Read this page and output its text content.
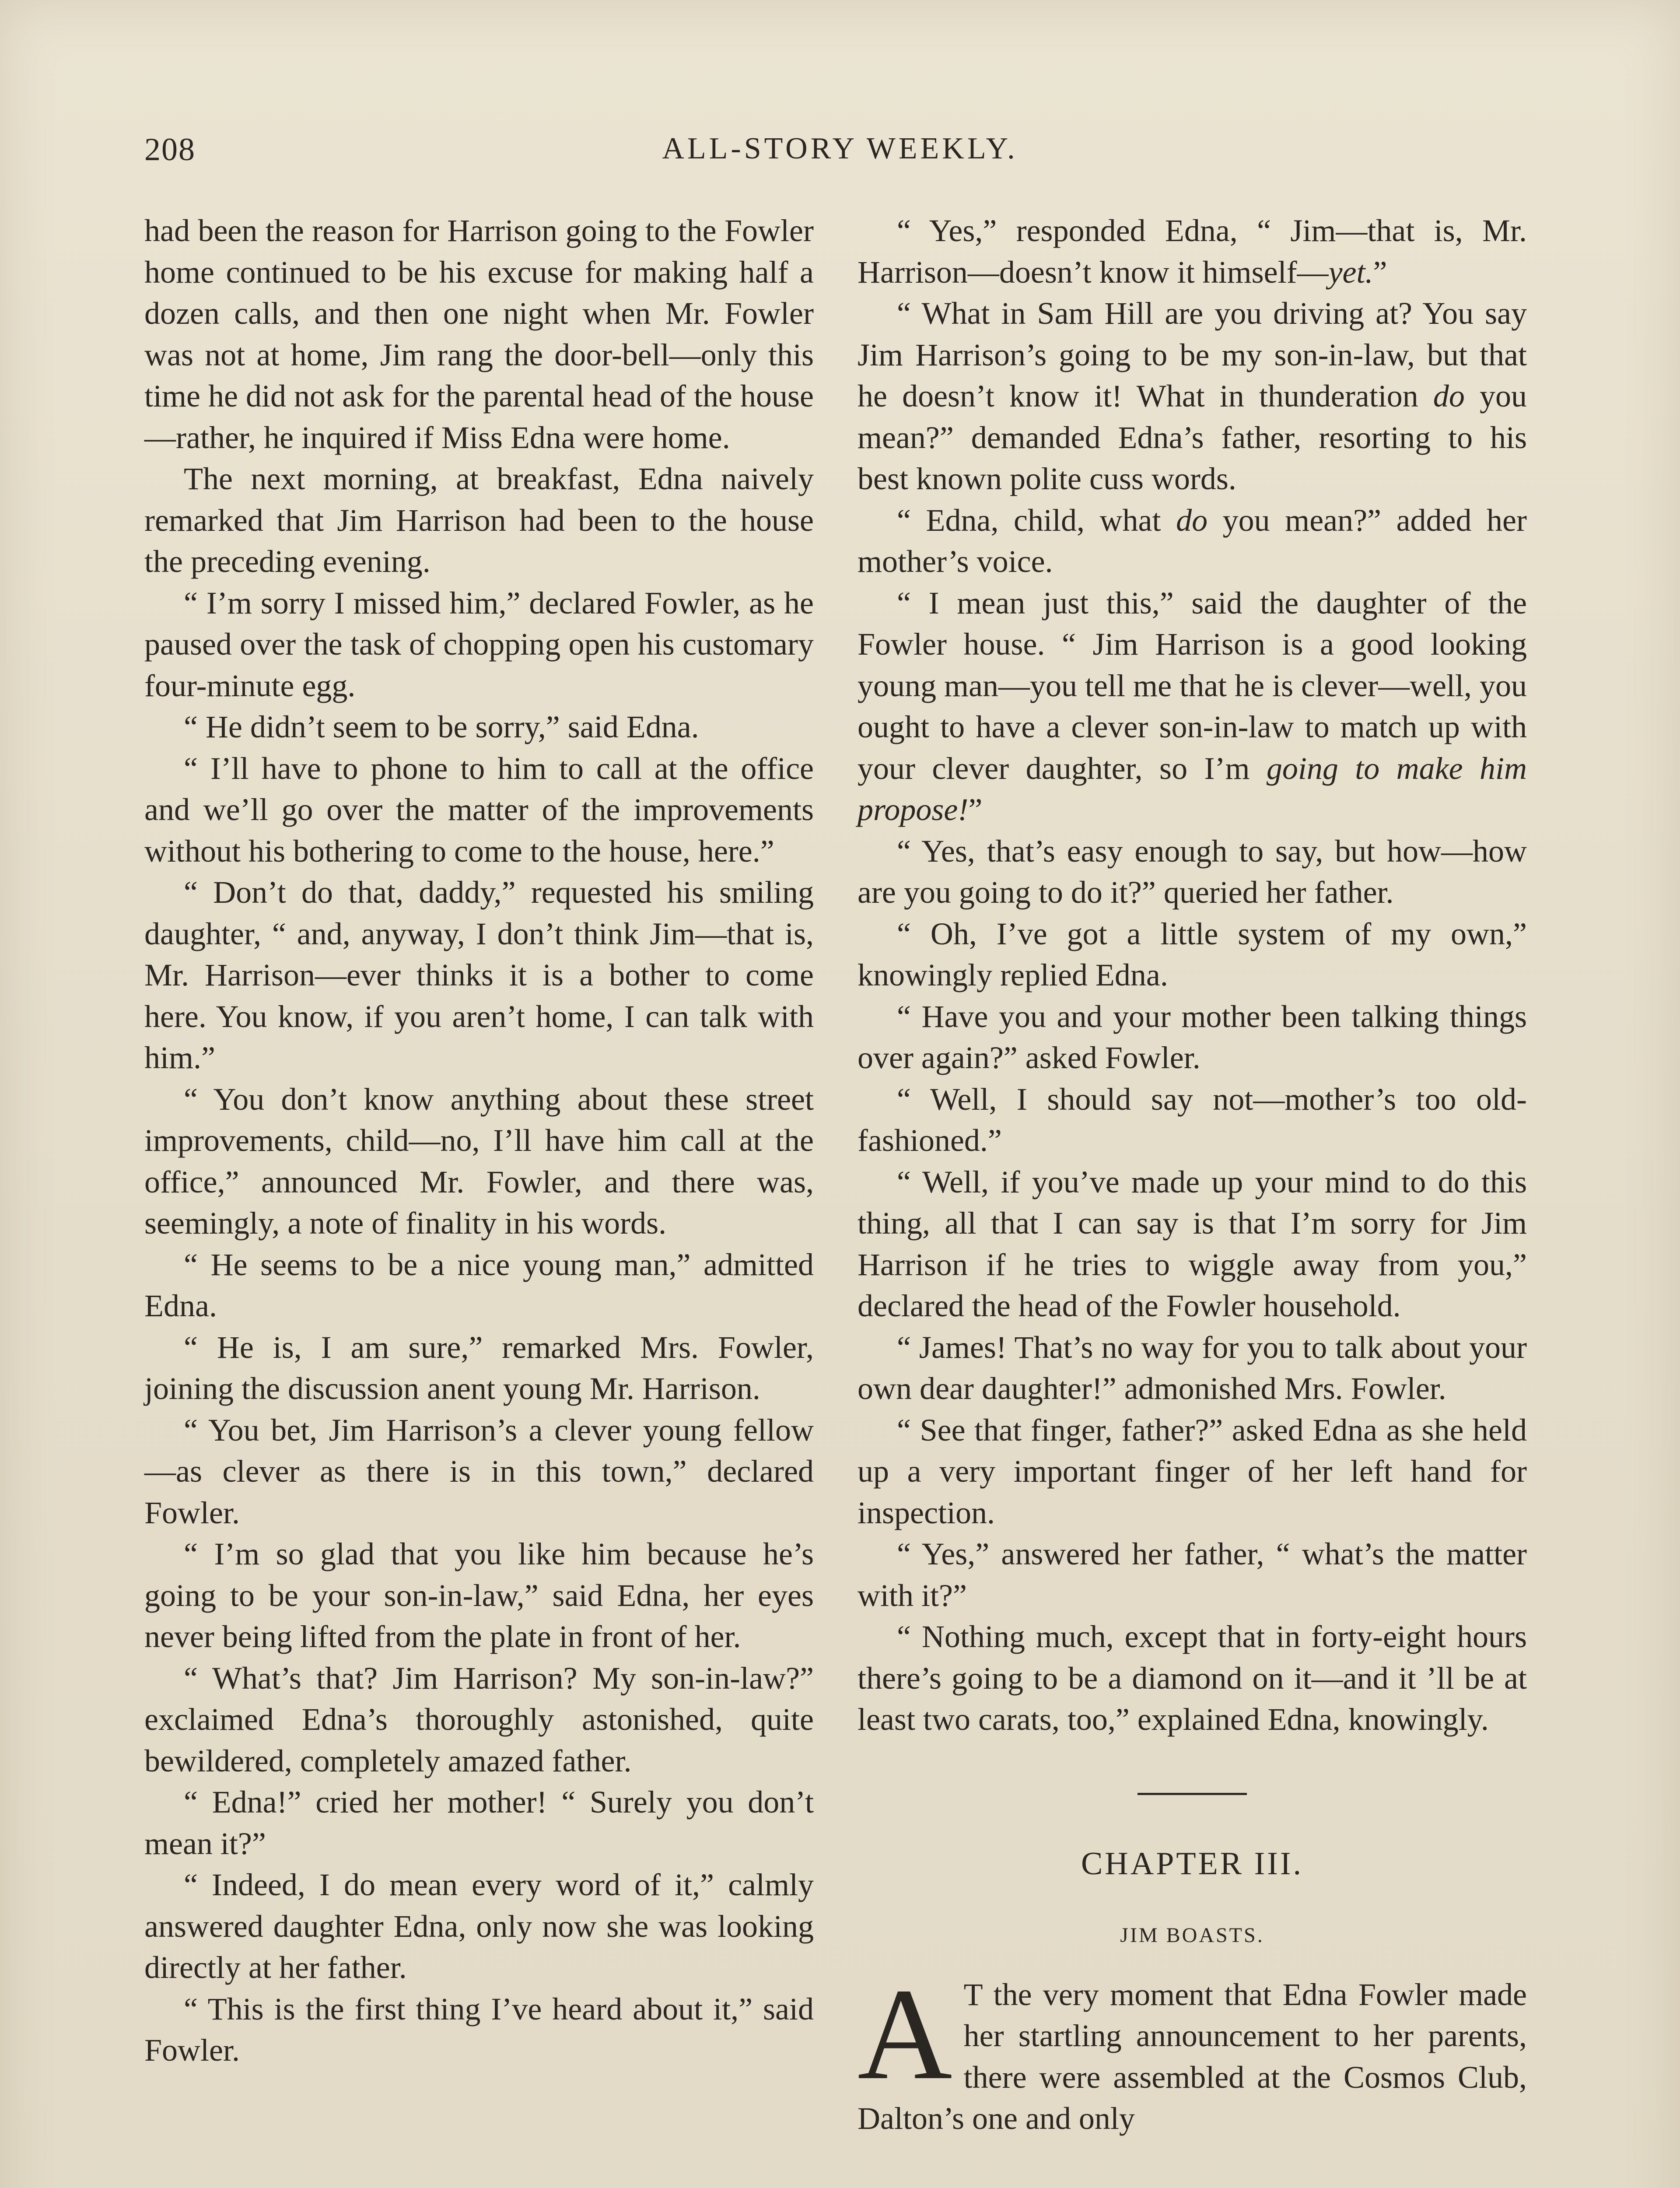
208	ALL-STORY WEEKLY.

had been the reason for Harrison going to the Fowler home continued to be his excuse for making half a dozen calls, and then one night when Mr. Fowler was not at home, Jim rang the door-bell—only this time he did not ask for the parental head of the house—rather, he inquired if Miss Edna were home.

The next morning, at breakfast, Edna naively remarked that Jim Harrison had been to the house the preceding evening.

“ I’m sorry I missed him,” declared Fowler, as he paused over the task of chopping open his customary four-minute egg.

“ He didn’t seem to be sorry,” said Edna.

“ I’ll have to phone to him to call at the office and we’ll go over the matter of the improvements without his bothering to come to the house, here.”

“ Don’t do that, daddy,” requested his smiling daughter, “ and, anyway, I don’t think Jim—that is, Mr. Harrison—ever thinks it is a bother to come here. You know, if you aren’t home, I can talk with him.”

“ You don’t know anything about these street improvements, child—no, I’ll have him call at the office,” announced Mr. Fowler, and there was, seemingly, a note of finality in his words.

“ He seems to be a nice young man,” admitted Edna.

“ He is, I am sure,” remarked Mrs. Fowler, joining the discussion anent young Mr. Harrison.

“ You bet, Jim Harrison’s a clever young fellow—as clever as there is in this town,” declared Fowler.

“ I’m so glad that you like him because he’s going to be your son-in-law,” said Edna, her eyes never being lifted from the plate in front of her.

“ What’s that? Jim Harrison? My son-in-law?” exclaimed Edna’s thoroughly astonished, quite bewildered, completely amazed father.

“ Edna!” cried her mother! “ Surely you don’t mean it?”

“ Indeed, I do mean every word of it,” calmly answered daughter Edna, only now she was looking directly at her father.

“ This is the first thing I’ve heard about it,” said Fowler.

“ Yes,” responded Edna, “ Jim—that is, Mr. Harrison—doesn’t know it himself—yet.”

“ What in Sam Hill are you driving at? You say Jim Harrison’s going to be my son-in-law, but that he doesn’t know it! What in thunderation do you mean?” demanded Edna’s father, resorting to his best known polite cuss words.

“ Edna, child, what do you mean?” added her mother’s voice.

“ I mean just this,” said the daughter of the Fowler house. “ Jim Harrison is a good looking young man—you tell me that he is clever—well, you ought to have a clever son-in-law to match up with your clever daughter, so I’m going to make him propose!”

“ Yes, that’s easy enough to say, but how—how are you going to do it?” queried her father.

“ Oh, I’ve got a little system of my own,” knowingly replied Edna.

“ Have you and your mother been talking things over again?” asked Fowler.

“ Well, I should say not—mother’s too old-fashioned.”

“ Well, if you’ve made up your mind to do this thing, all that I can say is that I’m sorry for Jim Harrison if he tries to wiggle away from you,” declared the head of the Fowler household.

“ James! That’s no way for you to talk about your own dear daughter!” admonished Mrs. Fowler.

“ See that finger, father?” asked Edna as she held up a very important finger of her left hand for inspection.

“ Yes,” answered her father, “ what’s the matter with it?”

“ Nothing much, except that in forty-eight hours there’s going to be a diamond on it—and it ’ll be at least two carats, too,” explained Edna, knowingly.

CHAPTER III.
JIM BOASTS.

A T the very moment that Edna Fowler made her startling announcement to her parents, there were assembled at the Cosmos Club, Dalton’s one and only
